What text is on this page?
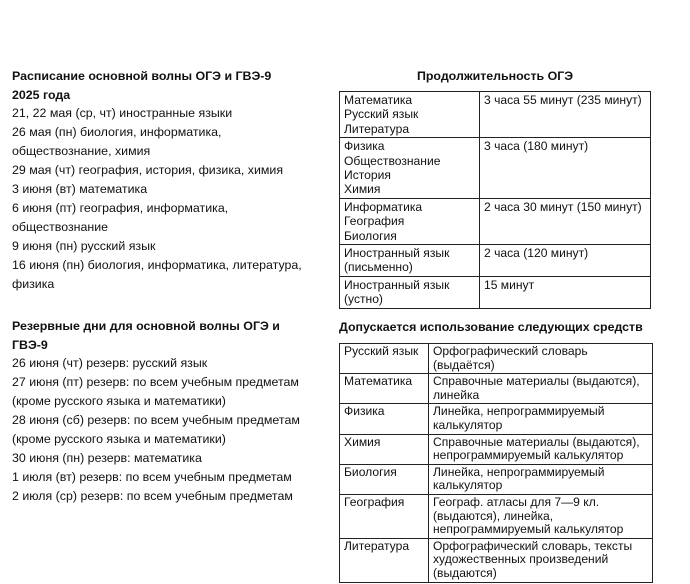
Расписание основной волны ОГЭ и ГВЭ-9

2025 года

21, 22 мая (ср, чт) иностранные языки

26 мая (пн) биология, информатика,

обществознание, химия

29 мая (чт) география, история, физика, химия

3 июня (вт) математика

6 июня (пт) география, информатика,

обществознание

9 июня (пн) русский язык

16 июня (пн) биология, информатика, литература,

физика

Резервные дни для основной волны ОГЭ и

ГВЭ-9

26 июня (чт) резерв: русский язык

27 июня (пт) резерв: по всем учебным предметам

(кроме русского языка и математики)

28 июня (сб) резерв: по всем учебным предметам

(кроме русского языка и математики)

30 июня (пн) резерв: математика

1 июля (вт) резерв: по всем учебным предметам

2 июля (ср) резерв: по всем учебным предметам

Продолжительность ОГЭ
Математика
Русский язык
Литература	3 часа 55 минут (235 минут)

Физика
Обществознание
История
Химия	3 часа (180 минут)

Информатика
География
Биология	2 часа 30 минут (150 минут)

Иностранный язык
(письменно)	2 часа (120 минут)

Иностранный язык
(устно)	15 минут
Допускается использование следующих средств
Русский язык	Орфографический словарь (выдаётся)

Математика	Справочные материалы (выдаются),
линейка

Физика	Линейка, непрограммируемый
калькулятор

Химия	Справочные материалы (выдаются),
непрограммируемый калькулятор

Биология	Линейка, непрограммируемый
калькулятор

География	Географ. атласы для 7—9 кл.
(выдаются), линейка,
непрограммируемый калькулятор

Литература	Орфографический словарь, тексты
художественных произведений
(выдаются)
